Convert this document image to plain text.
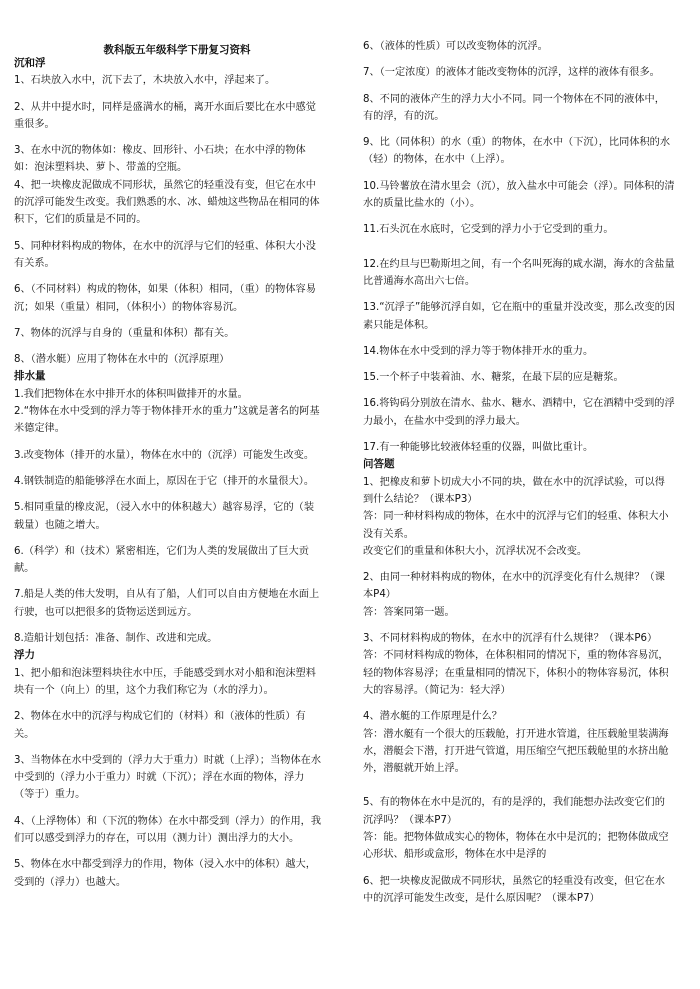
教科版五年级科学下册复习资料
沉和浮

1、石块放入水中，沉下去了，木块放入水中，浮起来了。

2、从井中提水时，同样是盛满水的桶，离开水面后要比在水中感觉重很多。

3、在水中沉的物体如：橡皮、回形针、小石块；在水中浮的物体如：泡沫塑料块、萝卜、带盖的空瓶。

4、把一块橡皮泥做成不同形状，虽然它的轻重没有变，但它在水中的沉浮可能发生改变。我们熟悉的水、冰、蜡烛这些物品在相同的体积下，它们的质量是不同的。

5、同种材料构成的物体，在水中的沉浮与它们的轻重、体积大小没有关系。

6、（不同材料）构成的物体，如果（体积）相同，（重）的物体容易沉；如果（重量）相同，（体积小）的物体容易沉。

7、物体的沉浮与自身的（重量和体积）都有关。

8、（潜水艇）应用了物体在水中的（沉浮原理）

排水量

1.我们把物体在水中排开水的体积叫做排开的水量。

2.“物体在水中受到的浮力等于物体排开水的重力”这就是著名的阿基米德定律。

3.改变物体（排开的水量），物体在水中的（沉浮）可能发生改变。

4.钢铁制造的船能够浮在水面上，原因在于它（排开的水量很大）。

5.相同重量的橡皮泥，（浸入水中的体积越大）越容易浮，它的（装载量）也随之增大。

6.（科学）和（技术）紧密相连，它们为人类的发展做出了巨大贡献。

7.船是人类的伟大发明，自从有了船，人们可以自由方便地在水面上行驶，也可以把很多的货物运送到远方。

8.造船计划包括：准备、制作、改进和完成。

浮力

1、把小船和泡沫塑料块往水中压，手能感受到水对小船和泡沫塑料块有一个（向上）的里，这个力我们称它为（水的浮力）。

2、物体在水中的沉浮与构成它们的（材料）和（液体的性质）有关。

3、当物体在水中受到的（浮力大于重力）时就（上浮）；当物体在水中受到的（浮力小于重力）时就（下沉）；浮在水面的物体，浮力（等于）重力。

4、（上浮物体）和（下沉的物体）在水中都受到（浮力）的作用，我们可以感受到浮力的存在，可以用（测力计）测出浮力的大小。

5、物体在水中都受到浮力的作用，物体（浸入水中的体积）越大，受到的（浮力）也越大。

6、（液体的性质）可以改变物体的沉浮。

7、（一定浓度）的液体才能改变物体的沉浮，这样的液体有很多。

8、不同的液体产生的浮力大小不同。同一个物体在不同的液体中，有的浮，有的沉。

9、比（同体积）的水（重）的物体，在水中（下沉），比同体积的水（轻）的物体，在水中（上浮）。

10.马铃薯放在清水里会（沉），放入盐水中可能会（浮）。同体积的清水的质量比盐水的（小）。

11.石头沉在水底时，它受到的浮力小于它受到的重力。

12.在约旦与巴勒斯坦之间，有一个名叫死海的咸水湖，海水的含盐量比普通海水高出六七倍。

13.“沉浮子”能够沉浮自如，它在瓶中的重量并没改变，那么改变的因素只能是体积。

14.物体在水中受到的浮力等于物体排开水的重力。

15.一个杯子中装着油、水、糖浆，在最下层的应是糖浆。

16.将钩码分别放在清水、盐水、糖水、酒精中，它在酒精中受到的浮力最小，在盐水中受到的浮力最大。

17.有一种能够比较液体轻重的仪器，叫做比重计。

问答题

1、把橡皮和萝卜切成大小不同的块，做在水中的沉浮试验，可以得到什么结论？（课本P3）

答：同一种材料构成的物体，在水中的沉浮与它们的轻重、体积大小没有关系。

改变它们的重量和体积大小，沉浮状况不会改变。

2、由同一种材料构成的物体，在水中的沉浮变化有什么规律？（课本P4）

答：答案同第一题。

3、不同材料构成的物体，在水中的沉浮有什么规律？（课本P6）

答：不同材料构成的物体，在体积相同的情况下，重的物体容易沉，轻的物体容易浮；在重量相同的情况下，体积小的物体容易沉，体积大的容易浮。（简记为：轻大浮）

4、潜水艇的工作原理是什么？

答：潜水艇有一个很大的压载舱，打开进水管道，往压载舱里装满海水，潜艇会下潜，打开进气管道，用压缩空气把压载舱里的水挤出舱外，潜艇就开始上浮。

5、有的物体在水中是沉的，有的是浮的，我们能想办法改变它们的沉浮吗？（课本P7）

答：能。把物体做成实心的物体，物体在水中是沉的；把物体做成空心形状、船形或盒形，物体在水中是浮的

6、把一块橡皮泥做成不同形状，虽然它的轻重没有改变，但它在水中的沉浮可能发生改变，是什么原因呢？（课本P7）
